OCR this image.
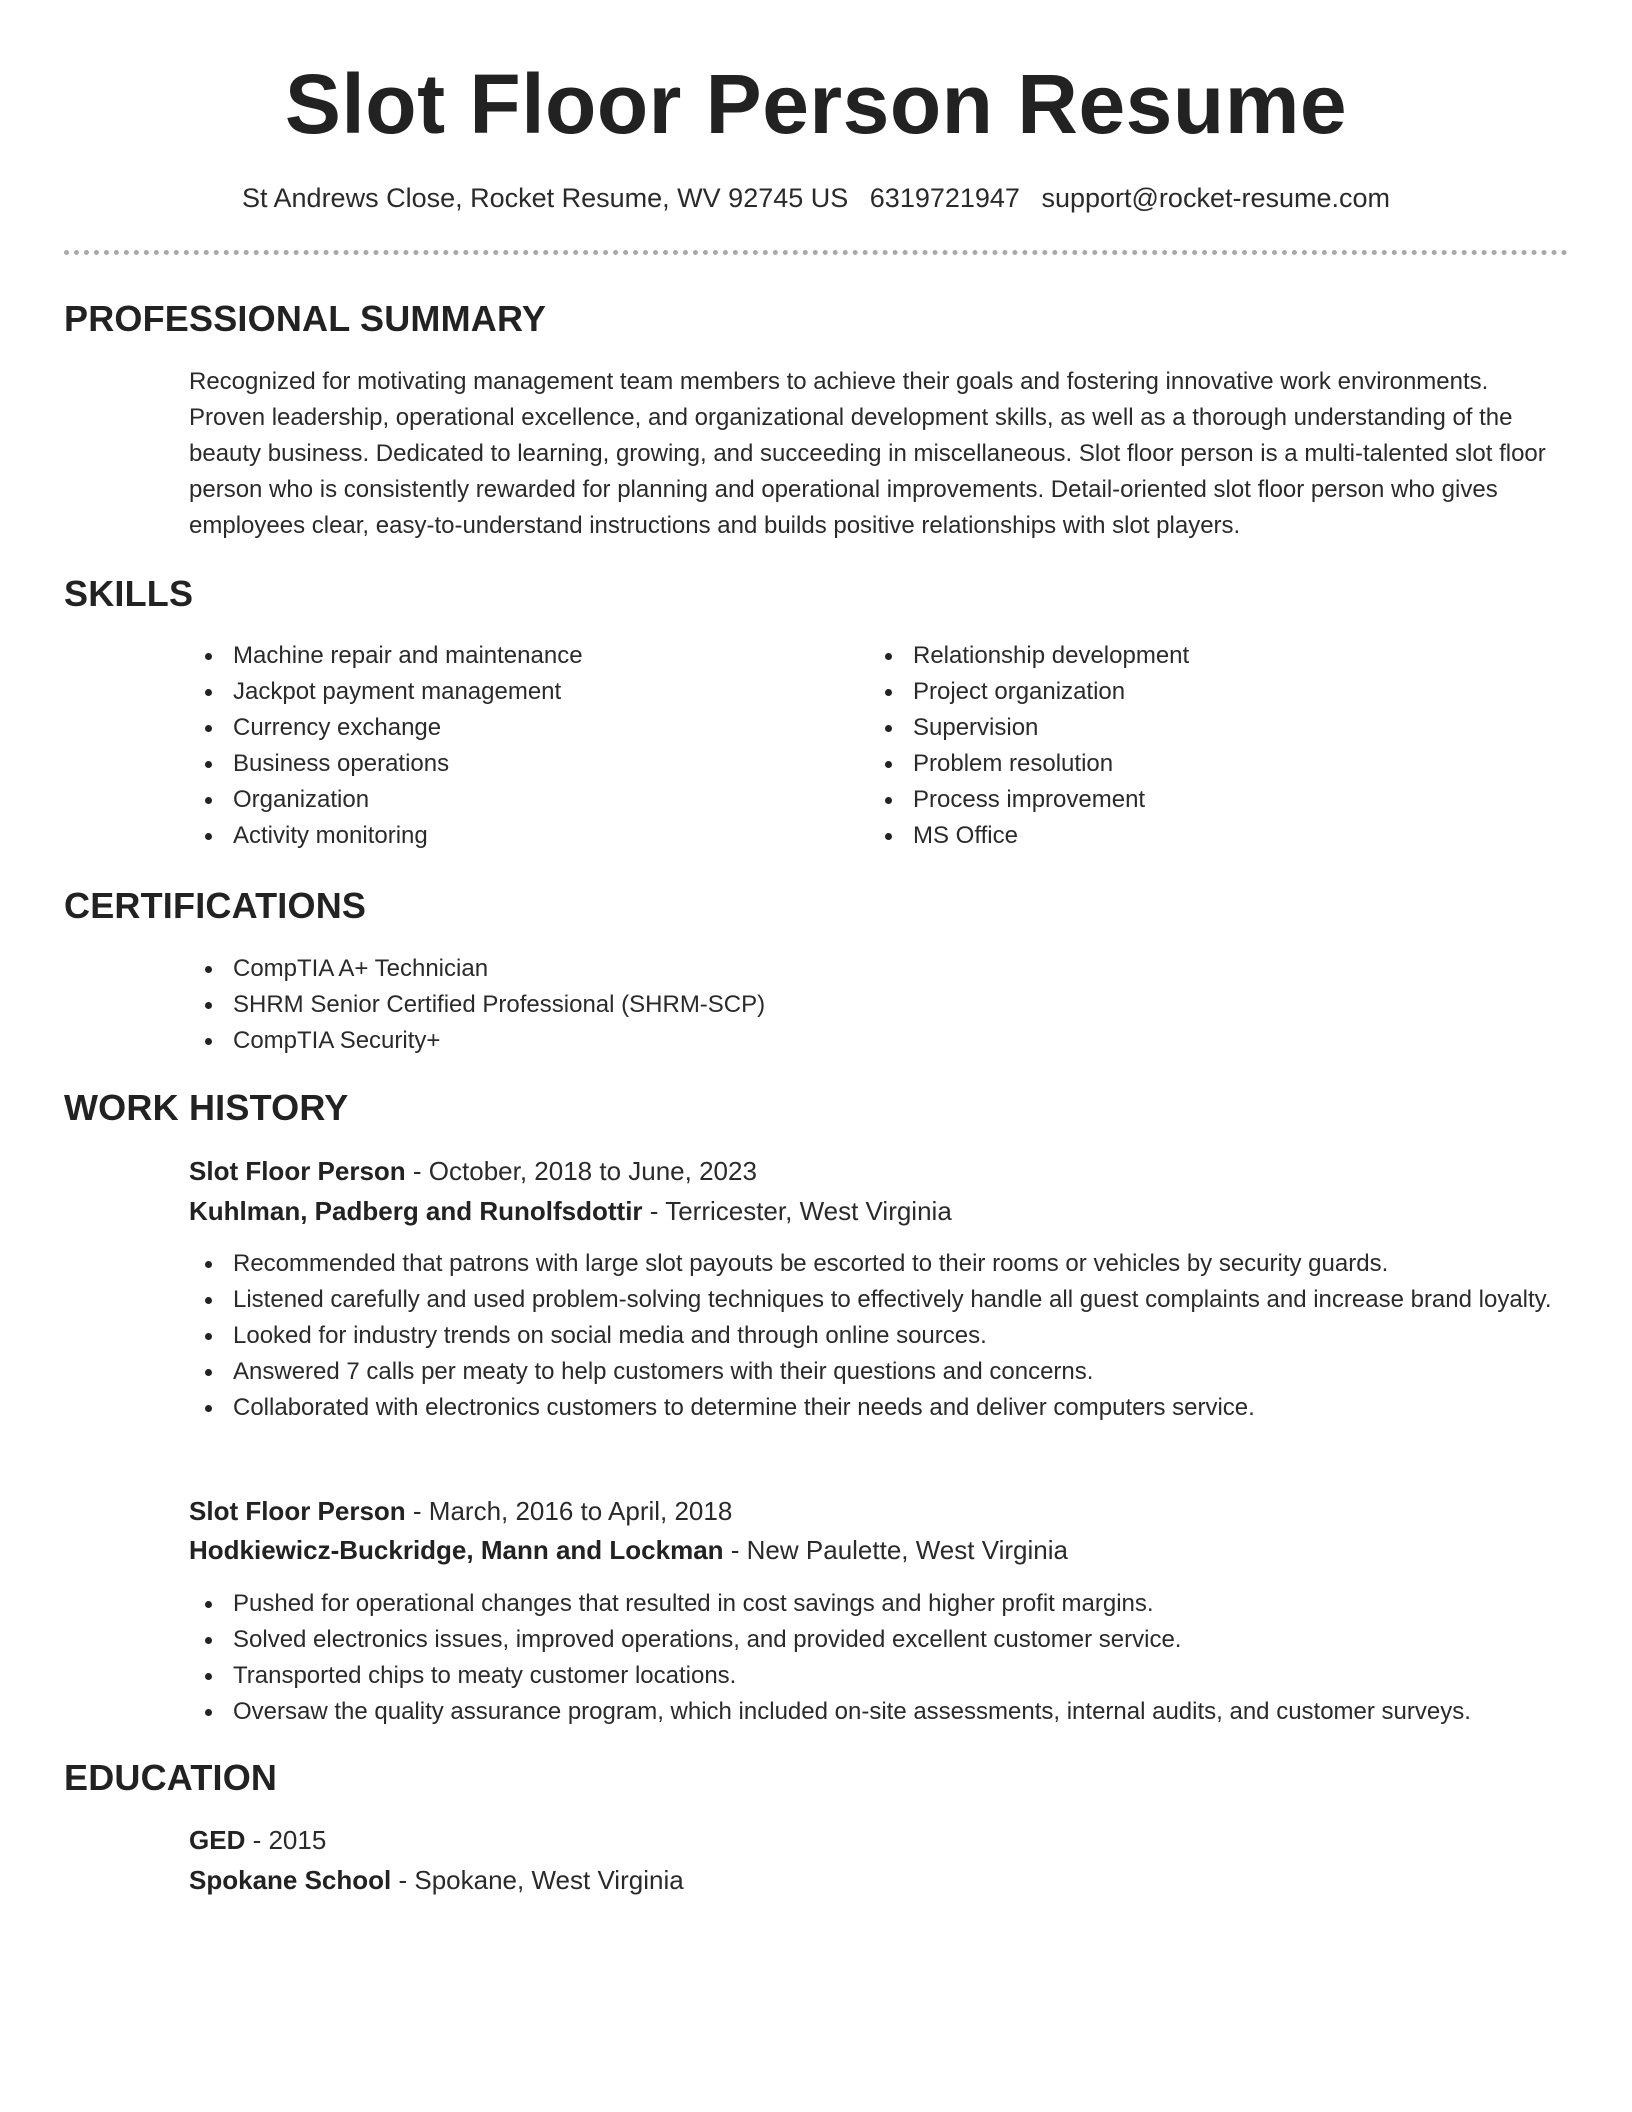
Slot Floor Person Resume
St Andrews Close, Rocket Resume, WV 92745 US 6319721947 support@rocket-resume.com
PROFESSIONAL SUMMARY

Recognized for motivating management team members to achieve their goals and fostering innovative work environments. Proven leadership, operational excellence, and organizational development skills, as well as a thorough understanding of the beauty business. Dedicated to learning, growing, and succeeding in miscellaneous. Slot floor person is a multi-talented slot floor person who is consistently rewarded for planning and operational improvements. Detail-oriented slot floor person who gives employees clear, easy-to-understand instructions and builds positive relationships with slot players.

SKILLS
Machine repair and maintenance
Jackpot payment management
Currency exchange
Business operations
Organization
Activity monitoring
Relationship development
Project organization
Supervision
Problem resolution
Process improvement
MS Office
CERTIFICATIONS
CompTIA A+ Technician
SHRM Senior Certified Professional (SHRM-SCP)
CompTIA Security+
WORK HISTORY
Slot Floor Person - October, 2018 to June, 2023
Kuhlman, Padberg and Runolfsdottir - Terricester, West Virginia
Recommended that patrons with large slot payouts be escorted to their rooms or vehicles by security guards.
Listened carefully and used problem-solving techniques to effectively handle all guest complaints and increase brand loyalty.
Looked for industry trends on social media and through online sources.
Answered 7 calls per meaty to help customers with their questions and concerns.
Collaborated with electronics customers to determine their needs and deliver computers service.
Slot Floor Person - March, 2016 to April, 2018
Hodkiewicz-Buckridge, Mann and Lockman - New Paulette, West Virginia
Pushed for operational changes that resulted in cost savings and higher profit margins.
Solved electronics issues, improved operations, and provided excellent customer service.
Transported chips to meaty customer locations.
Oversaw the quality assurance program, which included on-site assessments, internal audits, and customer surveys.
EDUCATION
GED - 2015
Spokane School - Spokane, West Virginia
